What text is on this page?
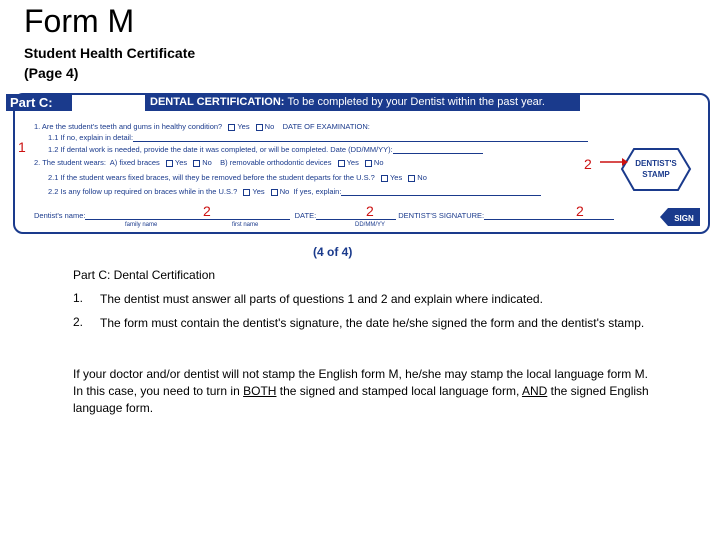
Form M
Student Health Certificate
(Page 4)
Part C:	DENTAL CERTIFICATION: To be completed by your Dentist within the past year.
1. Are the student's teeth and gums in healthy condition? Yes No DATE OF EXAMINATION:
1.1 If no, explain in detail:
1.2 If dental work is needed, provide the date it was completed, or will be completed. Date (DD/MM/YY):
2. The student wears: A) fixed braces Yes No B) removable orthodontic devices Yes No
2.1 If the student wears fixed braces, will they be removed before the student departs for the U.S.? Yes No
2.2 Is any follow up required on braces while in the U.S.? Yes No If yes, explain:
Dentist's name:	DATE:	DENTIST'S SIGNATURE:
family name	first name	DD/MM/YY
DENTIST'S
STAMP
SIGN
1
2
2	2	2
(4 of 4)
Part C: Dental Certification
1. The dentist must answer all parts of questions 1 and 2 and explain where indicated.
2. The form must contain the dentist's signature, the date he/she signed the form and the dentist's stamp.
If your doctor and/or dentist will not stamp the English form M, he/she may stamp the local language form M. In this case, you need to turn in BOTH the signed and stamped local language form, AND the signed English language form.
